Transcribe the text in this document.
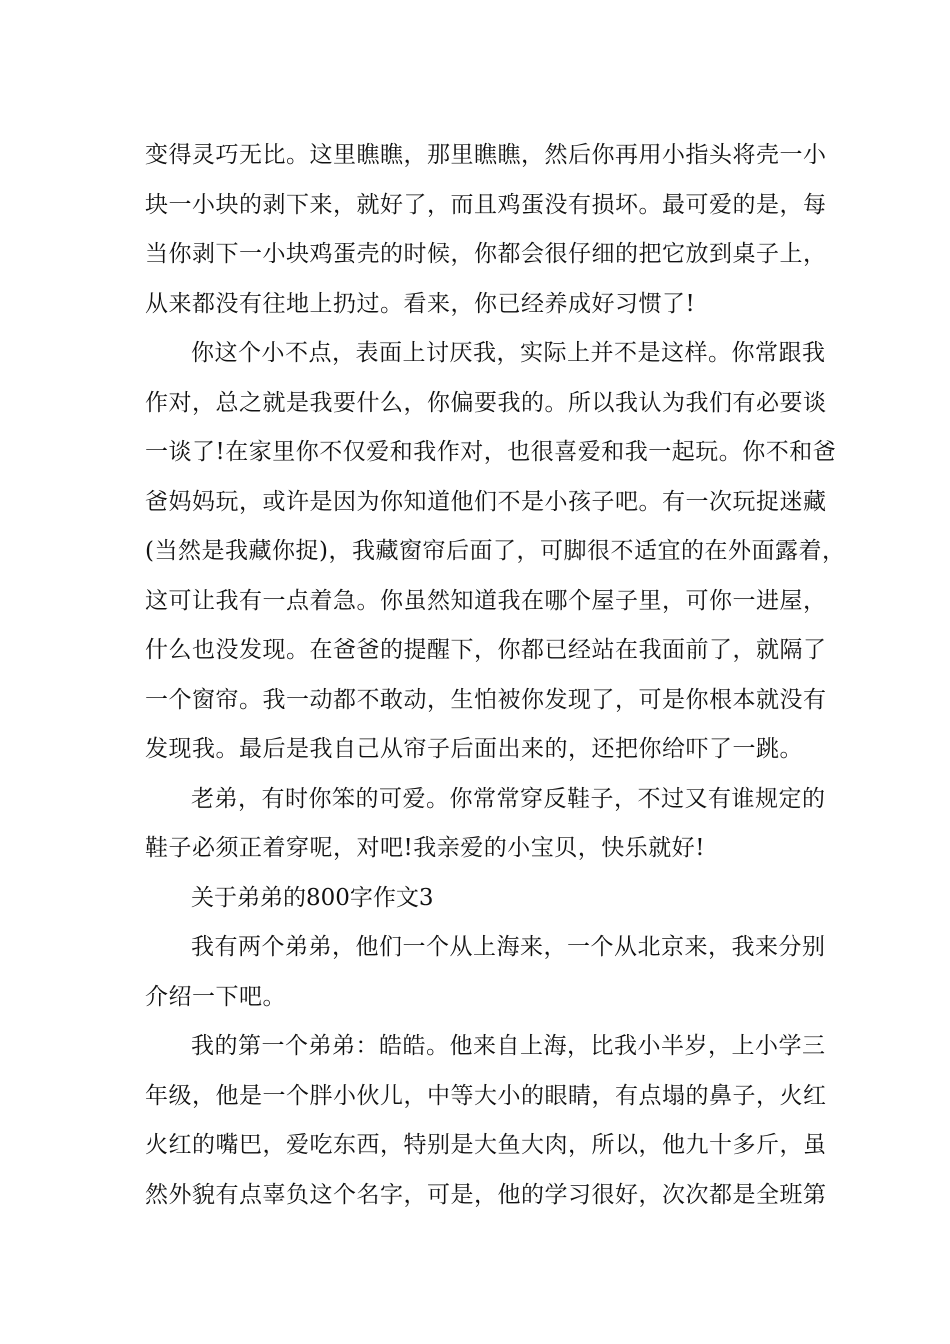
变得灵巧无比。这里瞧瞧，那里瞧瞧，然后你再用小指头将壳一小
块一小块的剥下来，就好了，而且鸡蛋没有损坏。最可爱的是，每
当你剥下一小块鸡蛋壳的时候，你都会很仔细的把它放到桌子上，
从来都没有往地上扔过。看来，你已经养成好习惯了!
你这个小不点，表面上讨厌我，实际上并不是这样。你常跟我
作对，总之就是我要什么，你偏要我的。所以我认为我们有必要谈
一谈了!在家里你不仅爱和我作对，也很喜爱和我一起玩。你不和爸
爸妈妈玩，或许是因为你知道他们不是小孩子吧。有一次玩捉迷藏
(当然是我藏你捉)，我藏窗帘后面了，可脚很不适宜的在外面露着，
这可让我有一点着急。你虽然知道我在哪个屋子里，可你一进屋，
什么也没发现。在爸爸的提醒下，你都已经站在我面前了，就隔了
一个窗帘。我一动都不敢动，生怕被你发现了，可是你根本就没有
发现我。最后是我自己从帘子后面出来的，还把你给吓了一跳。
老弟，有时你笨的可爱。你常常穿反鞋子，不过又有谁规定的
鞋子必须正着穿呢，对吧!我亲爱的小宝贝，快乐就好!
关于弟弟的800字作文3
我有两个弟弟，他们一个从上海来，一个从北京来，我来分别
介绍一下吧。
我的第一个弟弟：皓皓。他来自上海，比我小半岁，上小学三
年级，他是一个胖小伙儿，中等大小的眼睛，有点塌的鼻子，火红
火红的嘴巴，爱吃东西，特别是大鱼大肉，所以，他九十多斤，虽
然外貌有点辜负这个名字，可是，他的学习很好，次次都是全班第
